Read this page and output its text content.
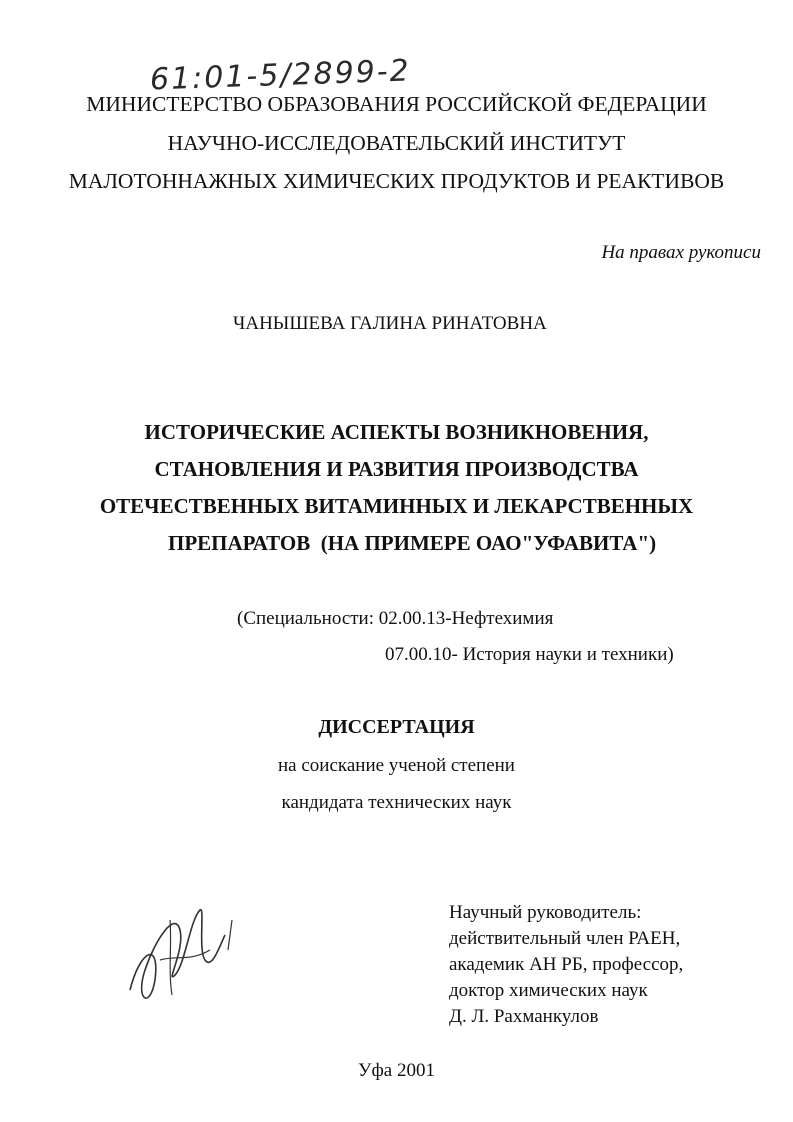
61:01-5/2899-2
МИНИСТЕРСТВО ОБРАЗОВАНИЯ РОССИЙСКОЙ ФЕДЕРАЦИИ
НАУЧНО-ИССЛЕДОВАТЕЛЬСКИЙ ИНСТИТУТ
МАЛОТОННАЖНЫХ ХИМИЧЕСКИХ ПРОДУКТОВ И РЕАКТИВОВ
На правах рукописи
ЧАНЫШЕВА ГАЛИНА РИНАТОВНА
ИСТОРИЧЕСКИЕ АСПЕКТЫ ВОЗНИКНОВЕНИЯ,
СТАНОВЛЕНИЯ И РАЗВИТИЯ ПРОИЗВОДСТВА
ОТЕЧЕСТВЕННЫХ ВИТАМИННЫХ И ЛЕКАРСТВЕННЫХ
ПРЕПАРАТОВ  (НА ПРИМЕРЕ ОАО"УФАВИТА")
(Специальности: 02.00.13-Нефтехимия
07.00.10- История науки и техники)
ДИССЕРТАЦИЯ
на соискание ученой степени
кандидата технических наук
Научный руководитель:
действительный член РАЕН,
академик АН РБ, профессор,
доктор химических наук
Д. Л. Рахманкулов
Уфа 2001
